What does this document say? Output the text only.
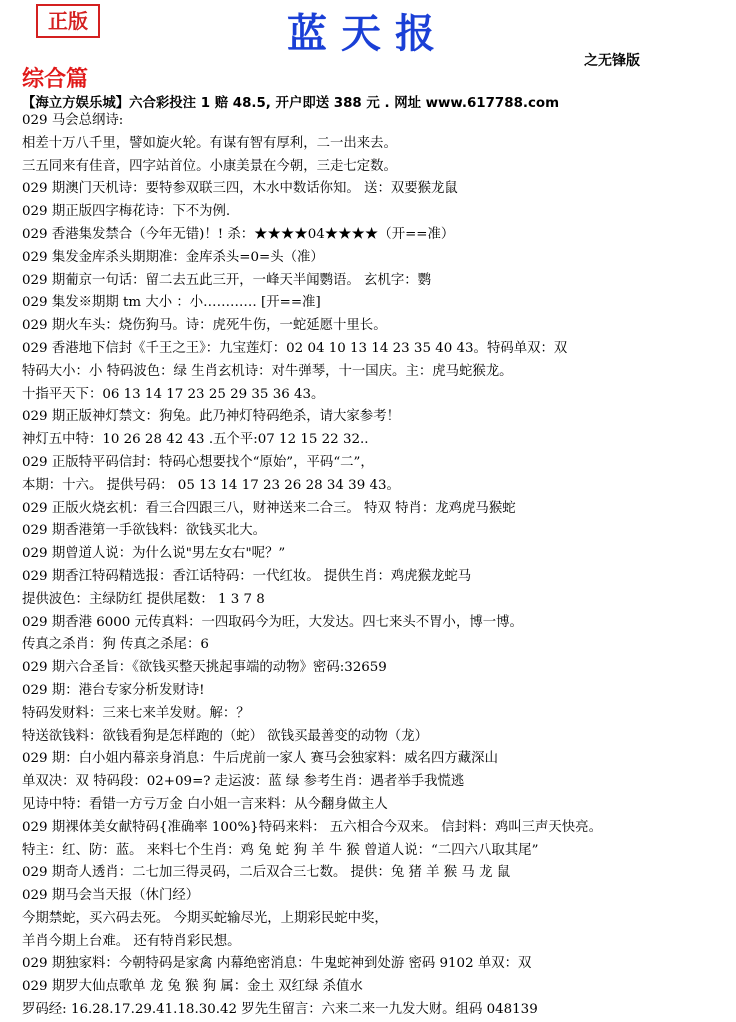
正版	蓝天报
之无锋版
综合篇
【海立方娱乐城】六合彩投注 1 赔 48.5, 开户即送 388 元 . 网址 www.617788.com
029 马会总纲诗:
相差十万八千里，譬如旋火轮。有谋有智有厚利，二一出来去。
三五同来有佳音，四字站首位。小康美景在今朝，三走七定数。
029 期澳门天机诗：要特参双联三四，木水中数话你知。 送：双要猴龙鼠
029 期正版四字梅花诗：下不为例.
029 香港集发禁合（今年无错)！! 杀：★★★★04★★★★（开==准）
029 集发金库杀头期期准：金库杀头=0=头（准）
029 期葡京一句话：留二去五此三开，一峰天半闻鹦语。 玄机字：鹦
029 集发※期期 tm 大小 ：小………… [开==准]
029 期火车头：烧伤狗马。诗：虎死牛伤，一蛇延愿十里长。
029 香港地下信封《千王之王》：九宝莲灯：02 04 10 13 14 23 35 40 43。特码单双：双
特码大小：小 特码波色：绿 生肖玄机诗：对牛弹琴，十一国庆。主：虎马蛇猴龙。
十指平天下：06 13 14 17 23 25 29 35 36 43。
029 期正版神灯禁文：狗兔。此乃神灯特码绝杀，请大家参考！
神灯五中特：10 26 28 42 43 .五个平:07 12 15 22 32..
029 正版特平码信封：特码心想要找个“原始”，平码“二”，
本期：十六。 提供号码： 05 13 14 17 23 26 28 34 39 43。
029 正版火烧玄机：看三合四跟三八，财神送来二合三。 特双 特肖：龙鸡虎马猴蛇
029 期香港第一手欲钱料：欲钱买北大。
029 期曾道人说：为什么说"男左女右"呢？”
029 期香江特码精选报：香江话特码：一代红妆。 提供生肖：鸡虎猴龙蛇马
提供波色：主绿防红 提供尾数： 1 3 7 8
029 期香港 6000 元传真料：一四取码今为旺，大发达。四七来头不胃小，博一博。
传真之杀肖：狗 传真之杀尾：6
029 期六合圣旨：《欲钱买整天挑起事端的动物》密码:32659
029 期：港台专家分析发财诗!
特码发财料：三来七来羊发财。解：？
特送欲钱料：欲钱看狗是怎样跑的（蛇） 欲钱买最善变的动物（龙）
029 期：白小姐内幕亲身消息：牛后虎前一家人 赛马会独家料：威名四方藏深山
单双决：双 特码段：02+09=? 走运波：蓝 绿 参考生肖：遇者举手我慌逃
见诗中特：看错一方亏万金 白小姐一言来料：从今翻身做主人
029 期裸体美女献特码{准确率 100%}特码来料： 五六相合今双来。 信封料：鸡叫三声天快亮。
特主：红、防：蓝。 来料七个生肖：鸡 兔 蛇 狗 羊 牛 猴 曾道人说：“二四六八取其尾”
029 期奇人透肖：二七加三得灵码，二后双合三七数。 提供：兔 猪 羊 猴 马 龙 鼠
029 期马会当天报（休门经）
今期禁蛇，买六码去死。 今期买蛇输尽光，上期彩民蛇中奖，
羊肖今期上台难。 还有特肖彩民想。
029 期独家料：今朝特码是家禽 内幕绝密消息：牛鬼蛇神到处游 密码 9102 单双：双
029 期罗大仙点歌单 龙 兔 猴 狗 属：金土 双红绿 杀值水
罗码经: 16.28.17.29.41.18.30.42 罗先生留言：六来二来一九发大财。组码 048139
